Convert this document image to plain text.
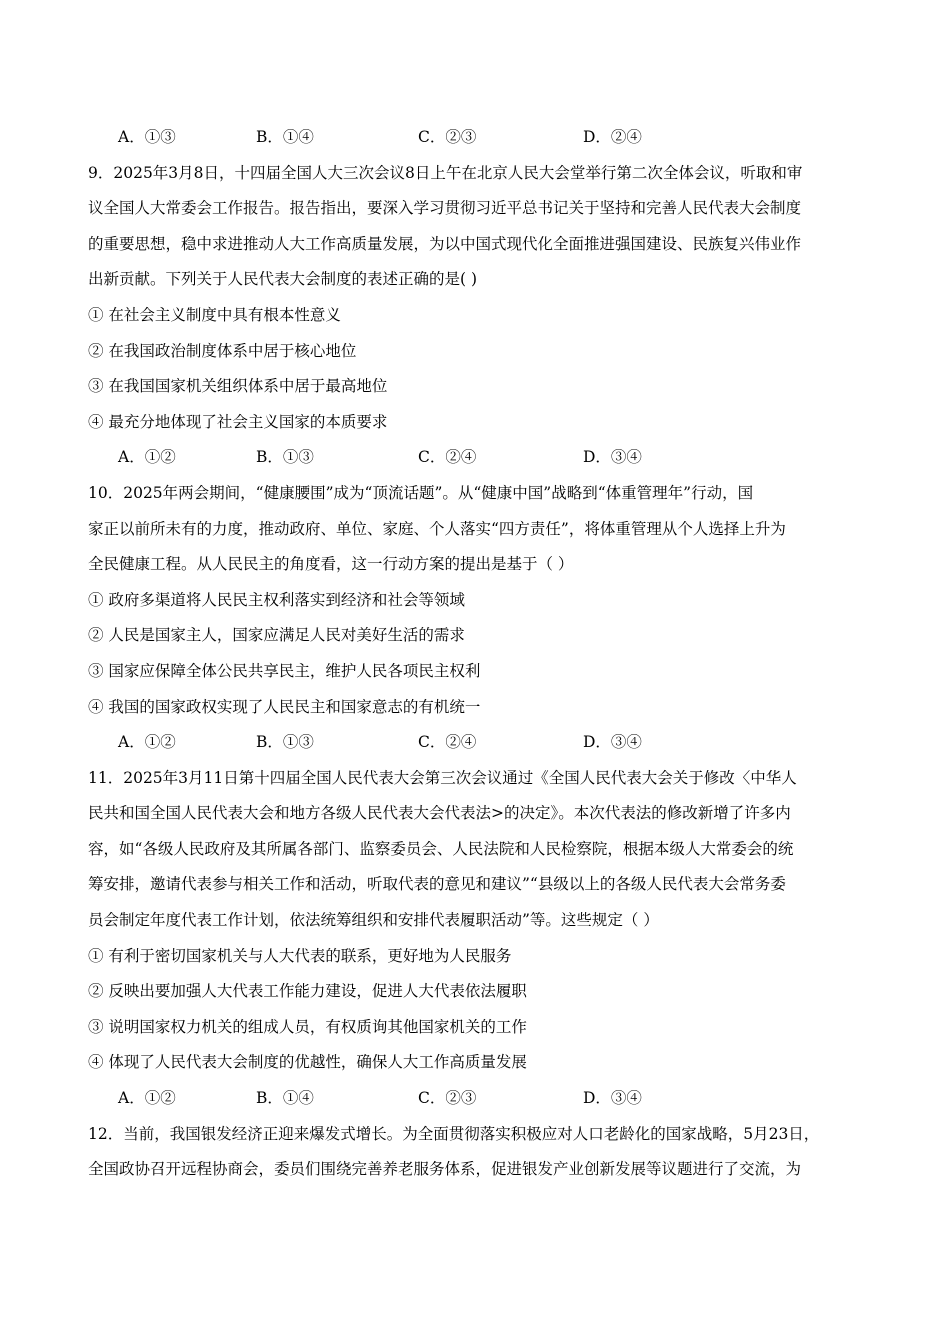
A．①③	B．①④	C．②③	D．②④
9．2025年3月8日，十四届全国人大三次会议8日上午在北京人民大会堂举行第二次全体会议，听取和审
议全国人大常委会工作报告。报告指出，要深入学习贯彻习近平总书记关于坚持和完善人民代表大会制度
的重要思想，稳中求进推动人大工作高质量发展，为以中国式现代化全面推进强国建设、民族复兴伟业作
出新贡献。下列关于人民代表大会制度的表述正确的是( )
① 在社会主义制度中具有根本性意义
② 在我国政治制度体系中居于核心地位
③ 在我国国家机关组织体系中居于最高地位
④ 最充分地体现了社会主义国家的本质要求
A．①②	B．①③	C．②④	D．③④
10．2025年两会期间，“健康腰围”成为“顶流话题”。从“健康中国”战略到“体重管理年”行动，国
家正以前所未有的力度，推动政府、单位、家庭、个人落实“四方责任”，将体重管理从个人选择上升为
全民健康工程。从人民民主的角度看，这一行动方案的提出是基于（ ）
① 政府多渠道将人民民主权利落实到经济和社会等领域
② 人民是国家主人，国家应满足人民对美好生活的需求
③ 国家应保障全体公民共享民主，维护人民各项民主权利
④ 我国的国家政权实现了人民民主和国家意志的有机统一
A．①②	B．①③	C．②④	D．③④
11．2025年3月11日第十四届全国人民代表大会第三次会议通过《全国人民代表大会关于修改〈中华人
民共和国全国人民代表大会和地方各级人民代表大会代表法>的决定》。本次代表法的修改新增了许多内
容，如“各级人民政府及其所属各部门、监察委员会、人民法院和人民检察院，根据本级人大常委会的统
筹安排，邀请代表参与相关工作和活动，听取代表的意见和建议”“县级以上的各级人民代表大会常务委
员会制定年度代表工作计划，依法统筹组织和安排代表履职活动”等。这些规定（ ）
① 有利于密切国家机关与人大代表的联系，更好地为人民服务
② 反映出要加强人大代表工作能力建设，促进人大代表依法履职
③ 说明国家权力机关的组成人员，有权质询其他国家机关的工作
④ 体现了人民代表大会制度的优越性，确保人大工作高质量发展
A．①②	B．①④	C．②③	D．③④
12．当前，我国银发经济正迎来爆发式增长。为全面贯彻落实积极应对人口老龄化的国家战略，5月23日，
全国政协召开远程协商会，委员们围绕完善养老服务体系，促进银发产业创新发展等议题进行了交流，为
